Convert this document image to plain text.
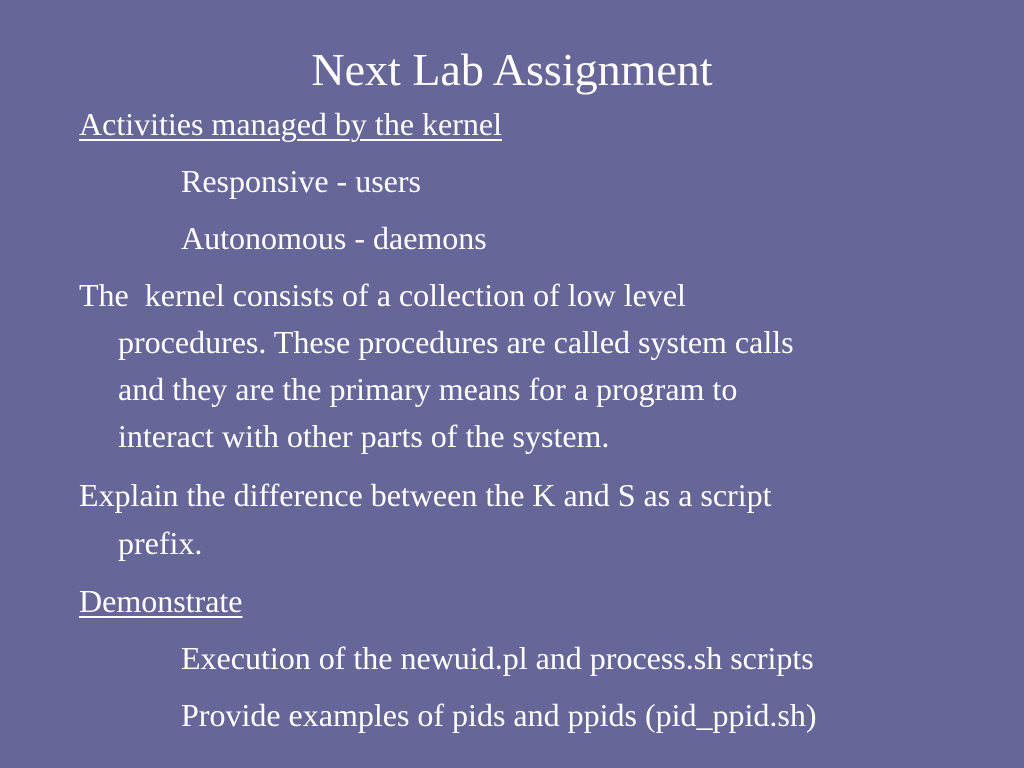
Next Lab Assignment
Activities managed by the kernel
Responsive - users
Autonomous - daemons
The  kernel consists of a collection of low level
procedures. These procedures are called system calls
and they are the primary means for a program to
interact with other parts of the system.
Explain the difference between the K and S as a script
prefix.
Demonstrate
Execution of the newuid.pl and process.sh scripts
Provide examples of pids and ppids (pid_ppid.sh)
